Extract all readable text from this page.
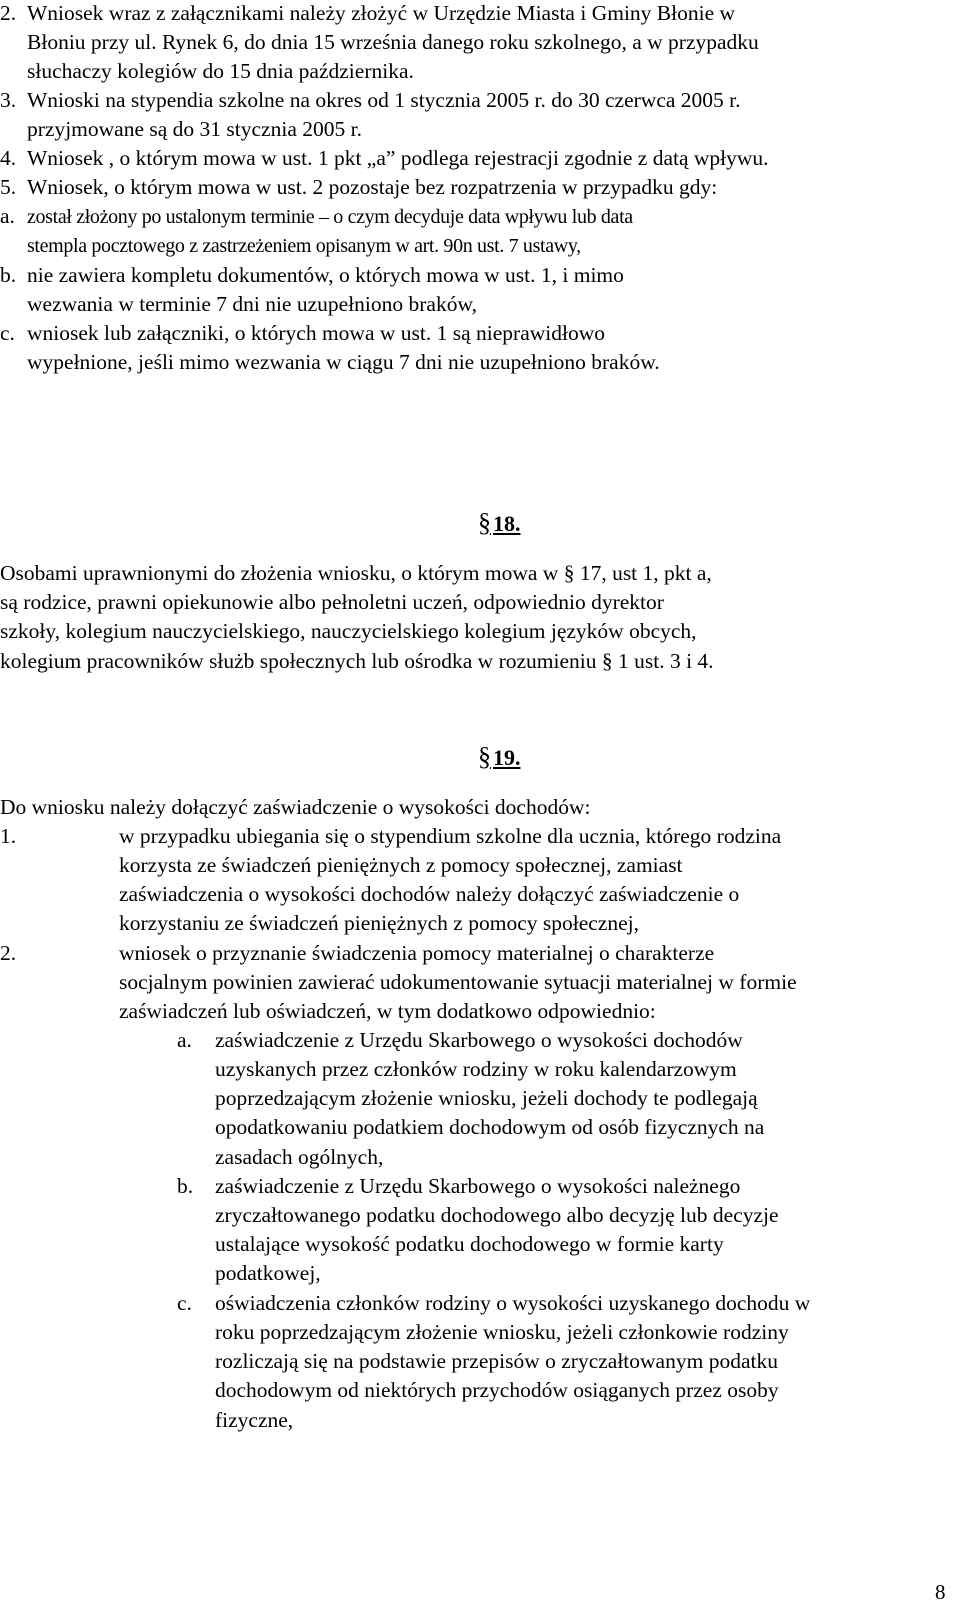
2. Wniosek wraz z załącznikami należy złożyć w Urzędzie Miasta i Gminy Błonie w
Błoniu przy ul. Rynek 6, do dnia 15 września danego roku szkolnego, a w przypadku
słuchaczy kolegiów do 15 dnia października.
3. Wnioski na stypendia szkolne na okres od 1 stycznia 2005 r. do 30 czerwca 2005 r.
przyjmowane są do 31 stycznia 2005 r.
4. Wniosek , o którym mowa w ust. 1 pkt „a” podlega rejestracji zgodnie z datą wpływu.
5. Wniosek, o którym mowa w ust. 2 pozostaje bez rozpatrzenia w przypadku gdy:
a. został złożony po ustalonym terminie – o czym decyduje data wpływu lub data
stempla pocztowego z zastrzeżeniem opisanym w art. 90n ust. 7 ustawy,
b. nie zawiera kompletu dokumentów, o których mowa w ust. 1, i mimo
wezwania w terminie 7 dni nie uzupełniono braków,
c. wniosek lub załączniki, o których mowa w ust. 1 są nieprawidłowo
wypełnione, jeśli mimo wezwania w ciągu 7 dni nie uzupełniono braków.
§18.
Osobami uprawnionymi do złożenia wniosku, o którym mowa w § 17, ust 1, pkt a,
są rodzice, prawni opiekunowie albo pełnoletni uczeń, odpowiednio dyrektor
szkoły, kolegium nauczycielskiego, nauczycielskiego kolegium języków obcych,
kolegium pracowników służb społecznych lub ośrodka w rozumieniu § 1 ust. 3 i 4.
§19.
Do wniosku należy dołączyć zaświadczenie o wysokości dochodów:
1.	w przypadku ubiegania się o stypendium szkolne dla ucznia, którego rodzina
korzysta ze świadczeń pieniężnych z pomocy społecznej, zamiast
zaświadczenia o wysokości dochodów należy dołączyć zaświadczenie o
korzystaniu ze świadczeń pieniężnych z pomocy społecznej,
2.	wniosek o przyznanie świadczenia pomocy materialnej o charakterze
socjalnym powinien zawierać udokumentowanie sytuacji materialnej w formie
zaświadczeń lub oświadczeń, w tym dodatkowo odpowiednio:
a. zaświadczenie z Urzędu Skarbowego o wysokości dochodów
uzyskanych przez członków rodziny w roku kalendarzowym
poprzedzającym złożenie wniosku, jeżeli dochody te podlegają
opodatkowaniu podatkiem dochodowym od osób fizycznych na
zasadach ogólnych,
b. zaświadczenie z Urzędu Skarbowego o wysokości należnego
zryczałtowanego podatku dochodowego albo decyzję lub decyzje
ustalające wysokość podatku dochodowego w formie karty
podatkowej,
c. oświadczenia członków rodziny o wysokości uzyskanego dochodu w
roku poprzedzającym złożenie wniosku, jeżeli członkowie rodziny
rozliczają się na podstawie przepisów o zryczałtowanym podatku
dochodowym od niektórych przychodów osiąganych przez osoby
fizyczne,
8
